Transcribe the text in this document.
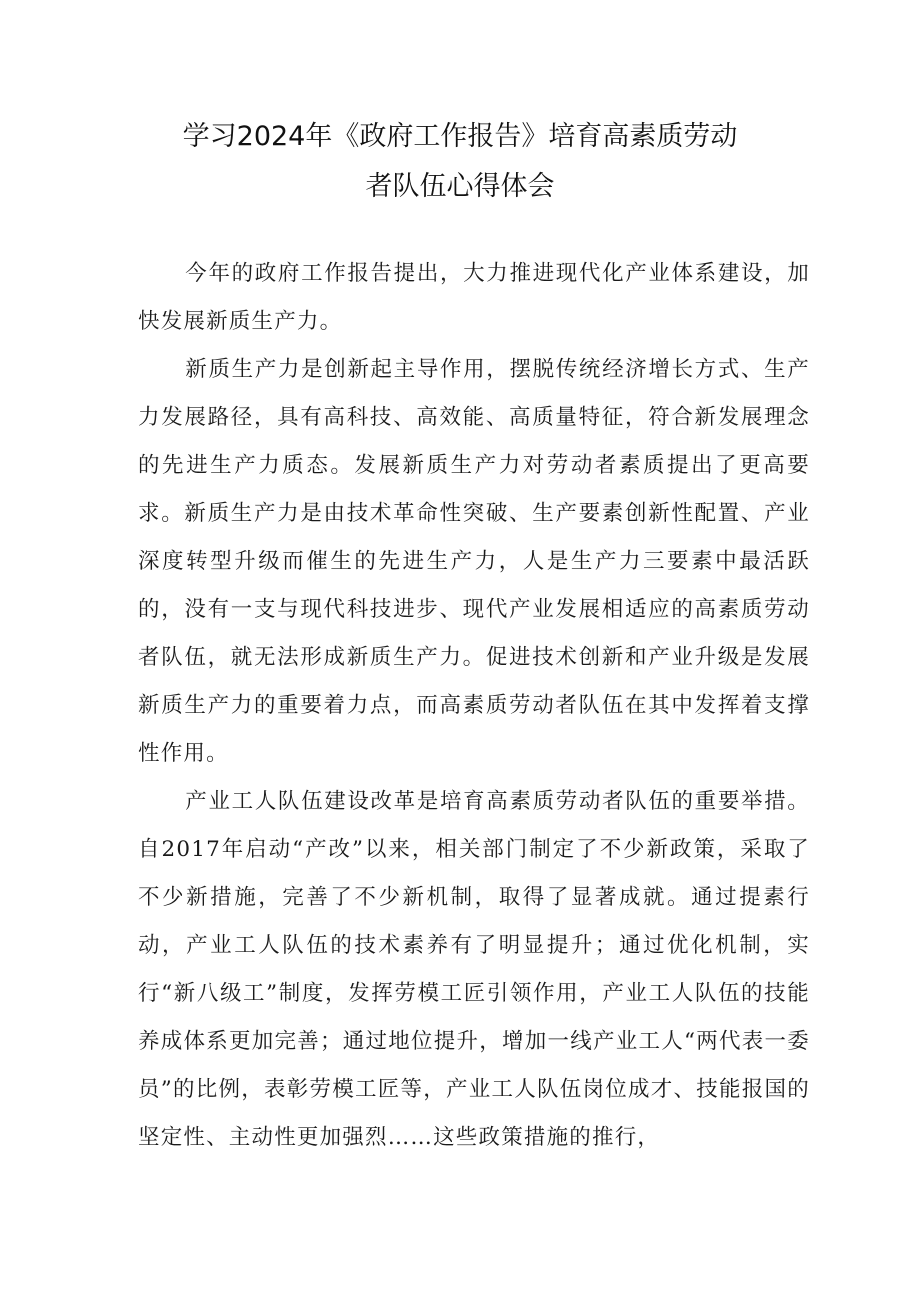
学习2024年《政府工作报告》培育高素质劳动
者队伍心得体会

今年的政府工作报告提出，大力推进现代化产业体系建设，加快发展新质生产力。

新质生产力是创新起主导作用，摆脱传统经济增长方式、生产力发展路径，具有高科技、高效能、高质量特征，符合新发展理念的先进生产力质态。发展新质生产力对劳动者素质提出了更高要求。新质生产力是由技术革命性突破、生产要素创新性配置、产业深度转型升级而催生的先进生产力，人是生产力三要素中最活跃的，没有一支与现代科技进步、现代产业发展相适应的高素质劳动者队伍，就无法形成新质生产力。促进技术创新和产业升级是发展新质生产力的重要着力点，而高素质劳动者队伍在其中发挥着支撑性作用。

产业工人队伍建设改革是培育高素质劳动者队伍的重要举措。自2017年启动“产改”以来，相关部门制定了不少新政策，采取了不少新措施，完善了不少新机制，取得了显著成就。通过提素行动，产业工人队伍的技术素养有了明显提升；通过优化机制，实行“新八级工”制度，发挥劳模工匠引领作用，产业工人队伍的技能养成体系更加完善；通过地位提升，增加一线产业工人“两代表一委员”的比例，表彰劳模工匠等，产业工人队伍岗位成才、技能报国的坚定性、主动性更加强烈……这些政策措施的推行，
